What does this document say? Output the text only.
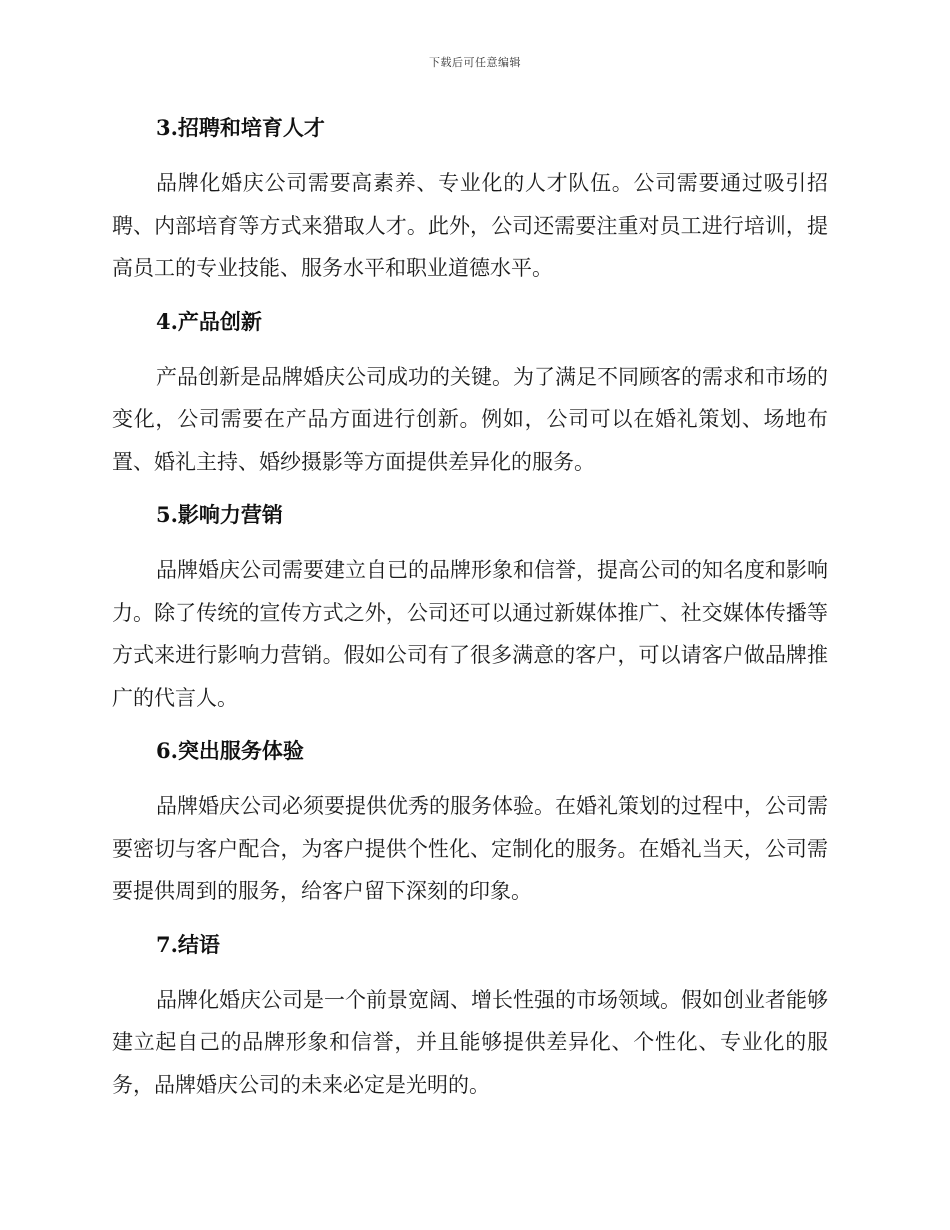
下载后可任意编辑
3.招聘和培育人才

品牌化婚庆公司需要高素养、专业化的人才队伍。公司需要通过吸引招聘、内部培育等方式来猎取人才。此外，公司还需要注重对员工进行培训，提高员工的专业技能、服务水平和职业道德水平。

4.产品创新

产品创新是品牌婚庆公司成功的关键。为了满足不同顾客的需求和市场的变化，公司需要在产品方面进行创新。例如，公司可以在婚礼策划、场地布置、婚礼主持、婚纱摄影等方面提供差异化的服务。

5.影响力营销

品牌婚庆公司需要建立自已的品牌形象和信誉，提高公司的知名度和影响力。除了传统的宣传方式之外，公司还可以通过新媒体推广、社交媒体传播等方式来进行影响力营销。假如公司有了很多满意的客户，可以请客户做品牌推广的代言人。

6.突出服务体验

品牌婚庆公司必须要提供优秀的服务体验。在婚礼策划的过程中，公司需要密切与客户配合，为客户提供个性化、定制化的服务。在婚礼当天，公司需要提供周到的服务，给客户留下深刻的印象。

7.结语

品牌化婚庆公司是一个前景宽阔、增长性强的市场领域。假如创业者能够建立起自己的品牌形象和信誉，并且能够提供差异化、个性化、专业化的服务，品牌婚庆公司的未来必定是光明的。
